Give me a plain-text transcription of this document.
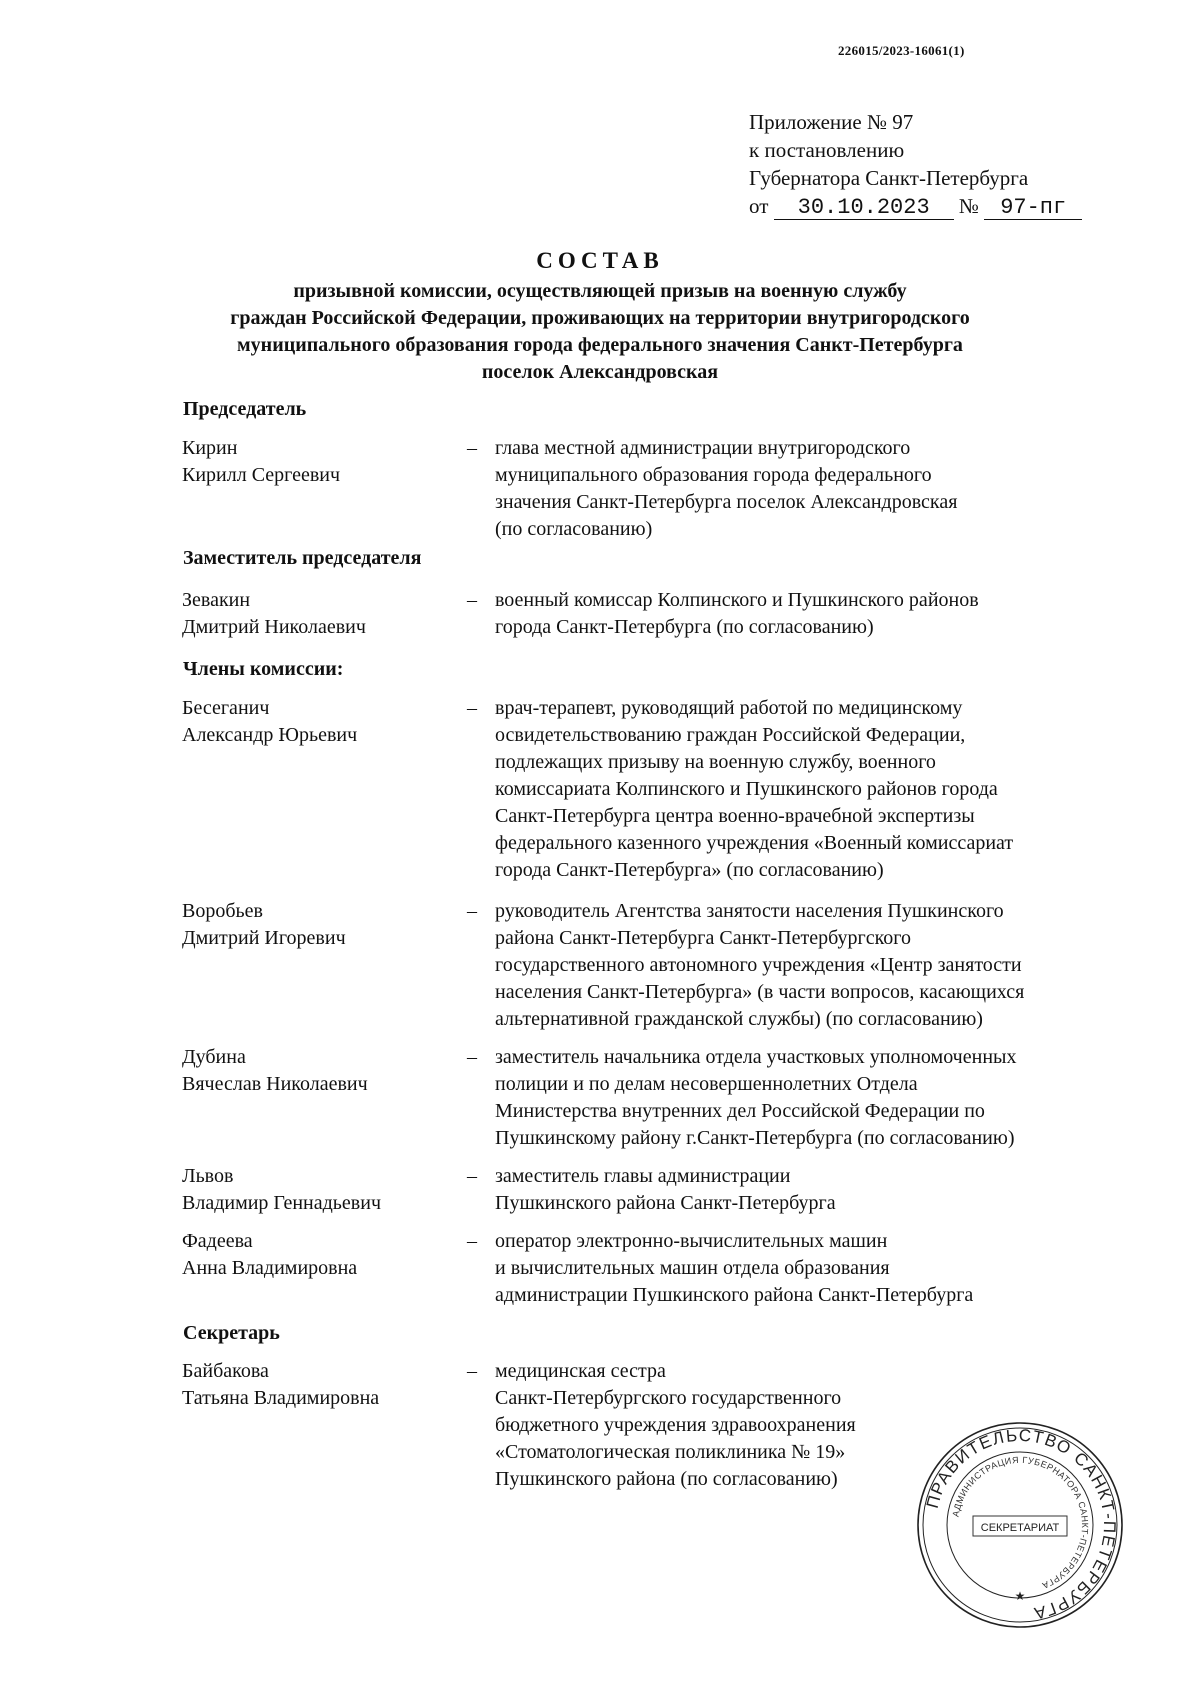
226015/2023-16061(1)
Приложение № 97
к постановлению
Губернатора Санкт-Петербурга
от 30.10.2023 № 97-пг
СОСТАВ
призывной комиссии, осуществляющей призыв на военную службу
граждан Российской Федерации, проживающих на территории внутригородского
муниципального образования города федерального значения Санкт-Петербурга
поселок Александровская
Председатель
Кирин
Кирилл Сергеевич
– глава местной администрации внутригородского
муниципального образования города федерального
значения Санкт-Петербурга поселок Александровская
(по согласованию)
Заместитель председателя
Зевакин
Дмитрий Николаевич
– военный комиссар Колпинского и Пушкинского районов
города Санкт-Петербурга (по согласованию)
Члены комиссии:
Бесеганич
Александр Юрьевич
– врач-терапевт, руководящий работой по медицинскому
освидетельствованию граждан Российской Федерации,
подлежащих призыву на военную службу, военного
комиссариата Колпинского и Пушкинского районов города
Санкт-Петербурга центра военно-врачебной экспертизы
федерального казенного учреждения «Военный комиссариат
города Санкт-Петербурга» (по согласованию)
Воробьев
Дмитрий Игоревич
– руководитель Агентства занятости населения Пушкинского
района Санкт-Петербурга Санкт-Петербургского
государственного автономного учреждения «Центр занятости
населения Санкт-Петербурга» (в части вопросов, касающихся
альтернативной гражданской службы) (по согласованию)
Дубина
Вячеслав Николаевич
– заместитель начальника отдела участковых уполномоченных
полиции и по делам несовершеннолетних Отдела
Министерства внутренних дел Российской Федерации по
Пушкинскому району г.Санкт-Петербурга (по согласованию)
Львов
Владимир Геннадьевич
– заместитель главы администрации
Пушкинского района Санкт-Петербурга
Фадеева
Анна Владимировна
– оператор электронно-вычислительных машин
и вычислительных машин отдела образования
администрации Пушкинского района Санкт-Петербурга
Секретарь
Байбакова
Татьяна Владимировна
– медицинская сестра
Санкт-Петербургского государственного
бюджетного учреждения здравоохранения
«Стоматологическая поликлиника № 19»
Пушкинского района (по согласованию)
ПРАВИТЕЛЬСТВО САНКТ-ПЕТЕРБУРГА
АДМИНИСТРАЦИЯ ГУБЕРНАТОРА САНКТ-ПЕТЕРБУРГА
СЕКРЕТАРИАТ
★
